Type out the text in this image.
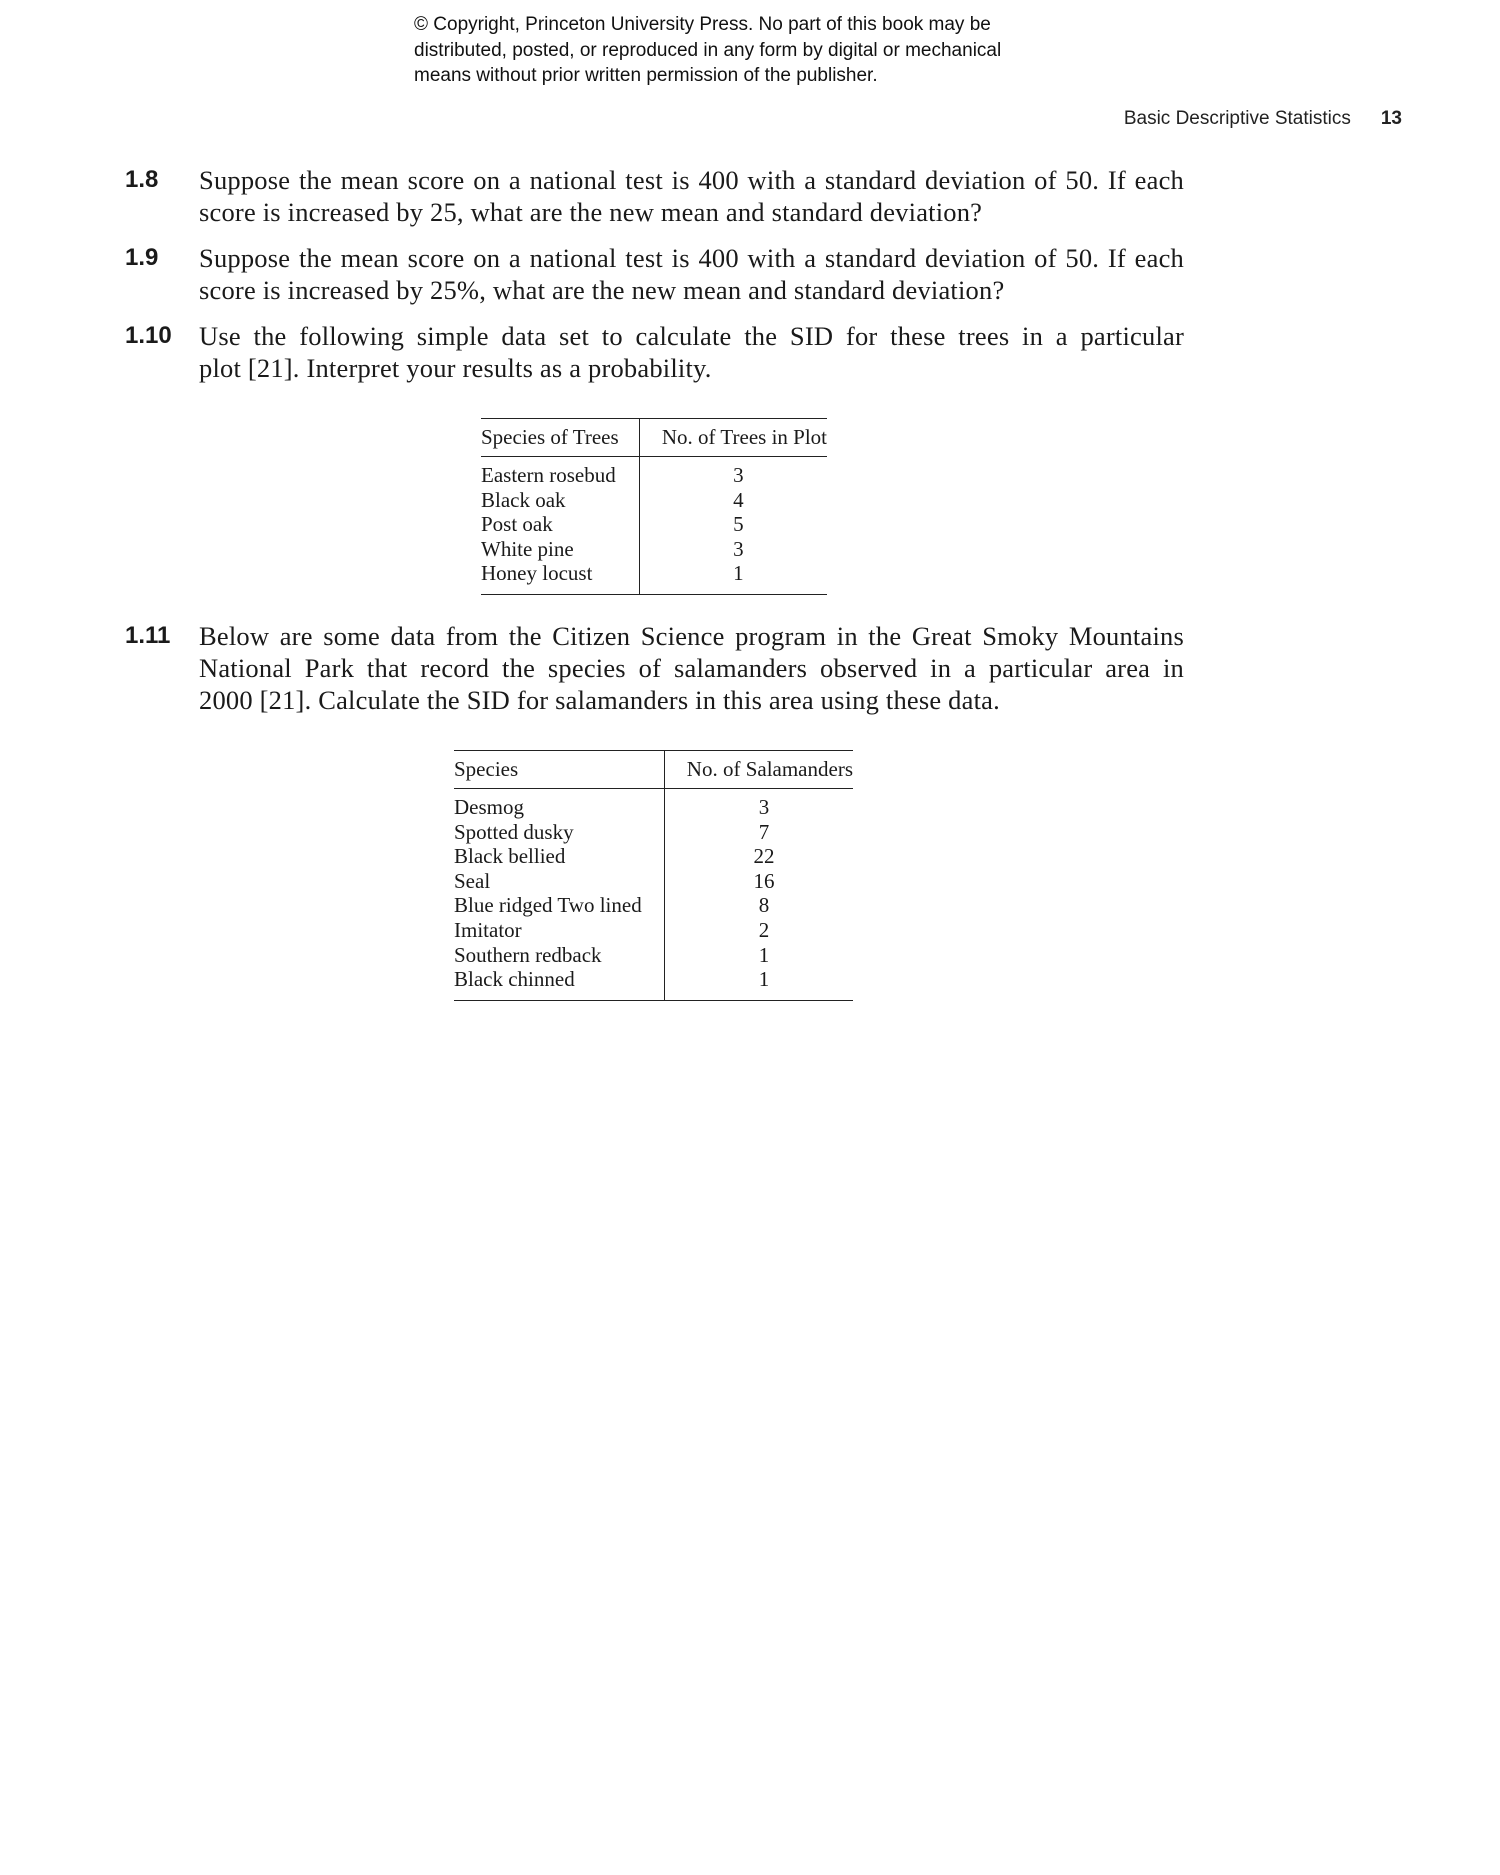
© Copyright, Princeton University Press. No part of this book may be
distributed, posted, or reproduced in any form by digital or mechanical
means without prior written permission of the publisher.
Basic Descriptive Statistics 13
1.8 Suppose the mean score on a national test is 400 with a standard deviation of 50. If each
score is increased by 25, what are the new mean and standard deviation?
1.9 Suppose the mean score on a national test is 400 with a standard deviation of 50. If each
score is increased by 25%, what are the new mean and standard deviation?
1.10 Use the following simple data set to calculate the SID for these trees in a particular
plot [21]. Interpret your results as a probability.
Species of Trees	No. of Trees in Plot
Eastern rosebud	3
Black oak	4
Post oak	5
White pine	3
Honey locust	1
1.11 Below are some data from the Citizen Science program in the Great Smoky Mountains
National Park that record the species of salamanders observed in a particular area in
2000 [21]. Calculate the SID for salamanders in this area using these data.
Species	No. of Salamanders
Desmog	3
Spotted dusky	7
Black bellied	22
Seal	16
Blue ridged Two lined	8
Imitator	2
Southern redback	1
Black chinned	1
